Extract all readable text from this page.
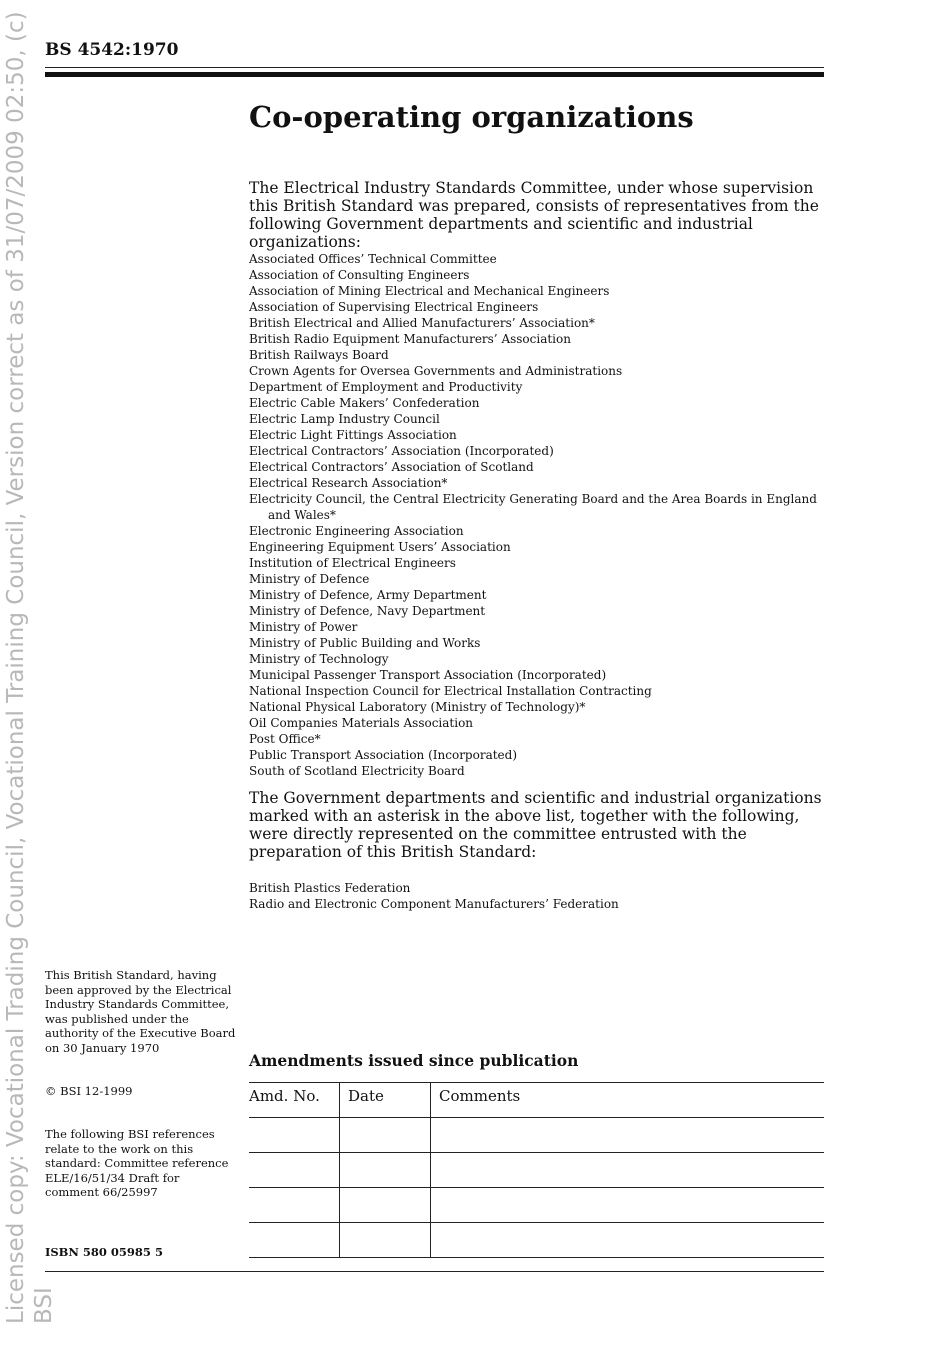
Licensed copy: Vocational Trading Council, Vocational Training Council, Version correct as of 31/07/2009 02:50, (c) BSI
BS 4542:1970
Co-operating organizations

The Electrical Industry Standards Committee, under whose supervision this British Standard was prepared, consists of representatives from the following Government departments and scientific and industrial organizations:

Associated Offices’ Technical Committee
Association of Consulting Engineers
Association of Mining Electrical and Mechanical Engineers
Association of Supervising Electrical Engineers
British Electrical and Allied Manufacturers’ Association*
British Radio Equipment Manufacturers’ Association
British Railways Board
Crown Agents for Oversea Governments and Administrations
Department of Employment and Productivity
Electric Cable Makers’ Confederation
Electric Lamp Industry Council
Electric Light Fittings Association
Electrical Contractors’ Association (Incorporated)
Electrical Contractors’ Association of Scotland
Electrical Research Association*
Electricity Council, the Central Electricity Generating Board and the Area Boards in England and Wales*
Electronic Engineering Association
Engineering Equipment Users’ Association
Institution of Electrical Engineers
Ministry of Defence
Ministry of Defence, Army Department
Ministry of Defence, Navy Department
Ministry of Power
Ministry of Public Building and Works
Ministry of Technology
Municipal Passenger Transport Association (Incorporated)
National Inspection Council for Electrical Installation Contracting
National Physical Laboratory (Ministry of Technology)*
Oil Companies Materials Association
Post Office*
Public Transport Association (Incorporated)
South of Scotland Electricity Board

The Government departments and scientific and industrial organizations marked with an asterisk in the above list, together with the following, were directly represented on the committee entrusted with the preparation of this British Standard:

British Plastics Federation
Radio and Electronic Component Manufacturers’ Federation

This British Standard, having been approved by the Electrical Industry Standards Committee, was published under the authority of the Executive Board on 30 January 1970

© BSI 12-1999

The following BSI references relate to the work on this standard: Committee reference ELE/16/51/34 Draft for comment 66/25997

ISBN 580 05985 5

Amendments issued since publication
Amd. No.	Date	Comments
